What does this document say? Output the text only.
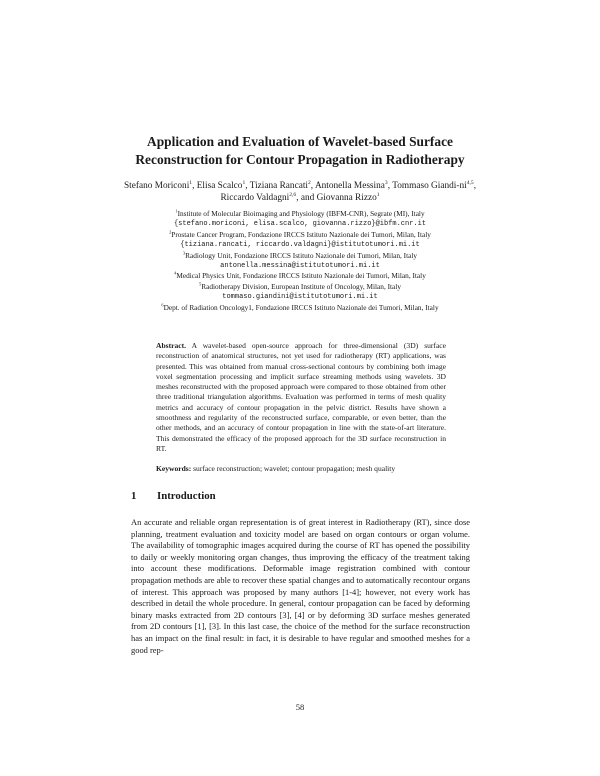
Application and Evaluation of Wavelet-based Surface
Reconstruction for Contour Propagation in Radiotherapy
Stefano Moriconi$^1$, Elisa Scalco$^1$, Tiziana Rancati$^2$, Antonella Messina$^3$, Tommaso Giandi-ni$^{4,5}$, Riccardo Valdagni$^{2,6}$, and Giovanna Rizzo$^1$
$^1$Institute of Molecular Bioimaging and Physiology (IBFM-CNR), Segrate (MI), Italy
{stefano.moriconi, elisa.scalco, giovanna.rizzo}@ibfm.cnr.it
$^2$Prostate Cancer Program, Fondazione IRCCS Istituto Nazionale dei Tumori, Milan, Italy
{tiziana.rancati, riccardo.valdagni}@istitutotumori.mi.it
$^3$Radiology Unit, Fondazione IRCCS Istituto Nazionale dei Tumori, Milan, Italy
antonella.messina@istitutotumori.mi.it
$^4$Medical Physics Unit, Fondazione IRCCS Istituto Nazionale dei Tumori, Milan, Italy
$^5$Radiotherapy Division, European Institute of Oncology, Milan, Italy
tommaso.giandini@istitutotumori.mi.it
$^6$Dept. of Radiation Oncology1, Fondazione IRCCS Istituto Nazionale dei Tumori, Milan, Italy
Abstract. A wavelet-based open-source approach for three-dimensional (3D) surface reconstruction of anatomical structures, not yet used for radiotherapy (RT) applications, was presented. This was obtained from manual cross-sectional contours by combining both image voxel segmentation processing and implicit surface streaming methods using wavelets. 3D meshes reconstructed with the proposed approach were compared to those obtained from other three traditional triangulation algorithms. Evaluation was performed in terms of mesh quality metrics and accuracy of contour propagation in the pelvic district. Results have shown a smoothness and regularity of the reconstructed surface, comparable, or even better, than the other methods, and an accuracy of contour propagation in line with the state-of-art literature. This demonstrated the efficacy of the proposed approach for the 3D surface reconstruction in RT.
Keywords: surface reconstruction; wavelet; contour propagation; mesh quality
1 Introduction

An accurate and reliable organ representation is of great interest in Radiotherapy (RT), since dose planning, treatment evaluation and toxicity model are based on organ contours or organ volume. The availability of tomographic images acquired during the course of RT has opened the possibility to daily or weekly monitoring organ changes, thus improving the efficacy of the treatment taking into account these modifications. Deformable image registration combined with contour propagation methods are able to recover these spatial changes and to automatically recontour organs of interest. This approach was proposed by many authors [1-4]; however, not every work has described in detail the whole procedure. In general, contour propagation can be faced by deforming binary masks extracted from 2D contours [3], [4] or by deforming 3D surface meshes generated from 2D contours [1], [3]. In this last case, the choice of the method for the surface reconstruction has an impact on the final result: in fact, it is desirable to have regular and smoothed meshes for a good rep-

58
